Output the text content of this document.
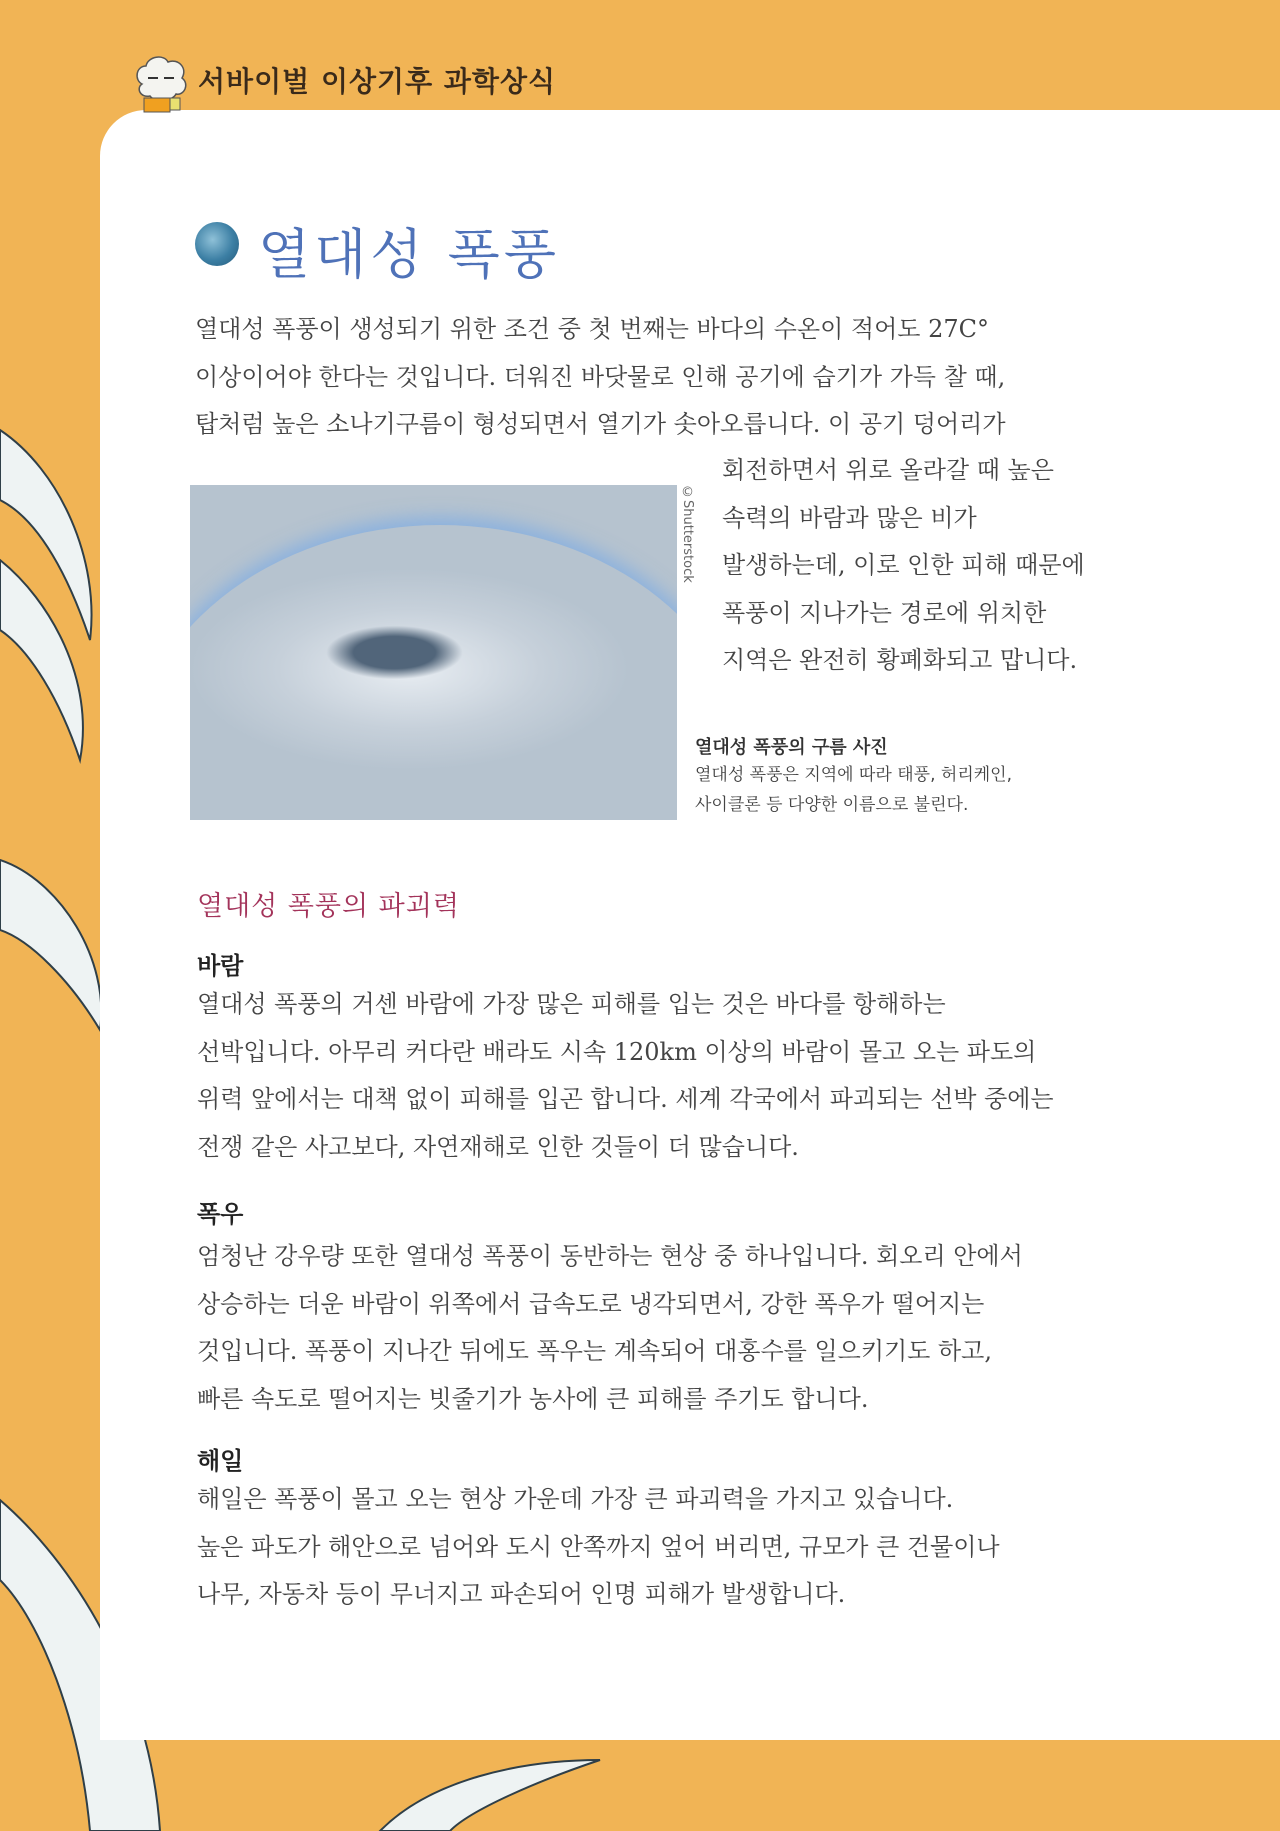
서바이벌 이상기후 과학상식
열대성 폭풍
열대성 폭풍이 생성되기 위한 조건 중 첫 번째는 바다의 수온이 적어도 27C°
이상이어야 한다는 것입니다. 더워진 바닷물로 인해 공기에 습기가 가득 찰 때,
탑처럼 높은 소나기구름이 형성되면서 열기가 솟아오릅니다. 이 공기 덩어리가
회전하면서 위로 올라갈 때 높은
속력의 바람과 많은 비가
발생하는데, 이로 인한 피해 때문에
폭풍이 지나가는 경로에 위치한
지역은 완전히 황폐화되고 맙니다.
©Shutterstock
열대성 폭풍의 구름 사진
열대성 폭풍은 지역에 따라 태풍, 허리케인,
사이클론 등 다양한 이름으로 불린다.
열대성 폭풍의 파괴력
바람
열대성 폭풍의 거센 바람에 가장 많은 피해를 입는 것은 바다를 항해하는
선박입니다. 아무리 커다란 배라도 시속 120km 이상의 바람이 몰고 오는 파도의
위력 앞에서는 대책 없이 피해를 입곤 합니다. 세계 각국에서 파괴되는 선박 중에는
전쟁 같은 사고보다, 자연재해로 인한 것들이 더 많습니다.
폭우
엄청난 강우량 또한 열대성 폭풍이 동반하는 현상 중 하나입니다. 회오리 안에서
상승하는 더운 바람이 위쪽에서 급속도로 냉각되면서, 강한 폭우가 떨어지는
것입니다. 폭풍이 지나간 뒤에도 폭우는 계속되어 대홍수를 일으키기도 하고,
빠른 속도로 떨어지는 빗줄기가 농사에 큰 피해를 주기도 합니다.
해일
해일은 폭풍이 몰고 오는 현상 가운데 가장 큰 파괴력을 가지고 있습니다.
높은 파도가 해안으로 넘어와 도시 안쪽까지 엎어 버리면, 규모가 큰 건물이나
나무, 자동차 등이 무너지고 파손되어 인명 피해가 발생합니다.
